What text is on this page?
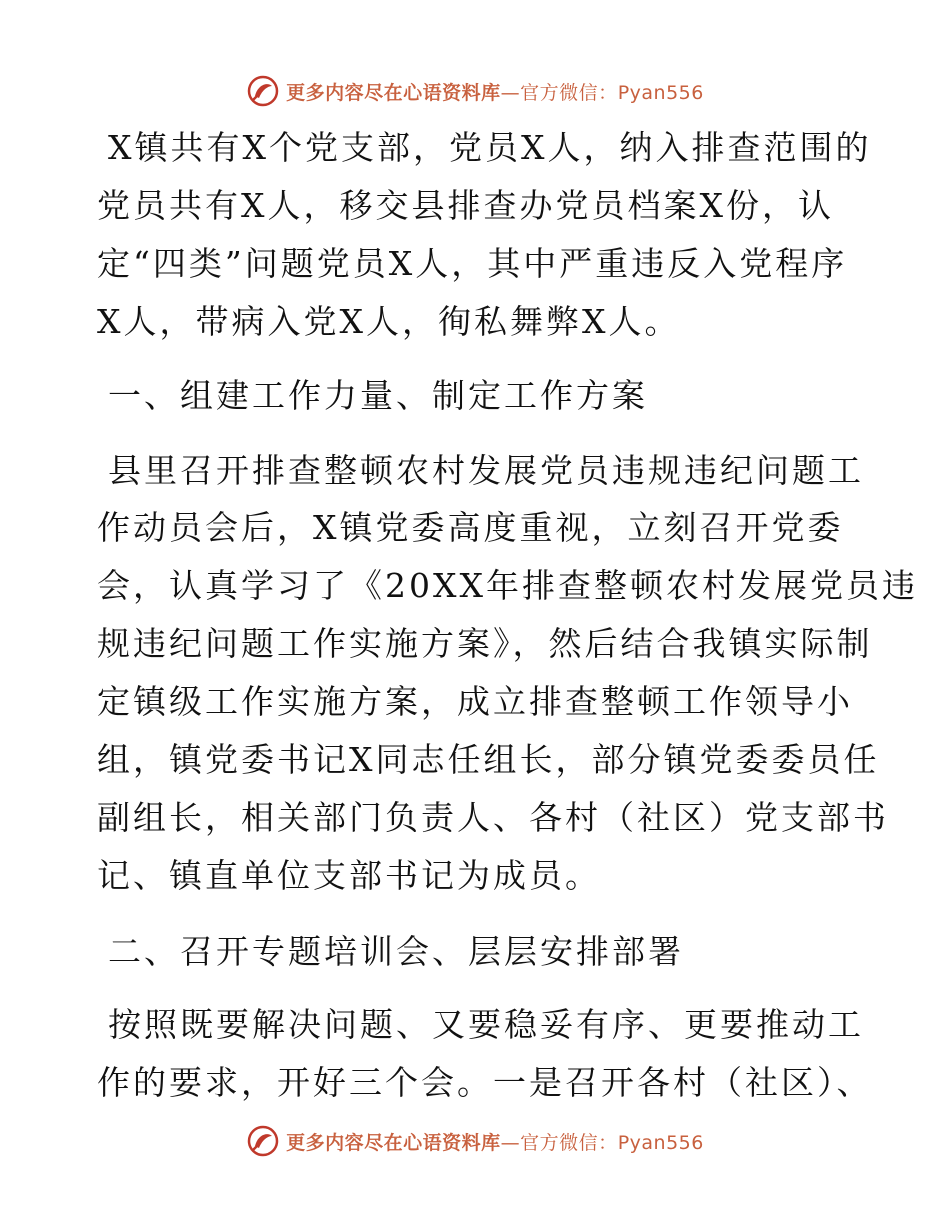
更多内容尽在心语资料库—官方微信：Pyan556
X镇共有X个党支部，党员X人，纳入排查范围的
党员共有X人，移交县排查办党员档案X份，认
定“四类”问题党员X人，其中严重违反入党程序
X人，带病入党X人，徇私舞弊X人。
一、组建工作力量、制定工作方案
县里召开排查整顿农村发展党员违规违纪问题工
作动员会后，X镇党委高度重视，立刻召开党委
会，认真学习了《20XX年排查整顿农村发展党员违
规违纪问题工作实施方案》，然后结合我镇实际制
定镇级工作实施方案，成立排查整顿工作领导小
组，镇党委书记X同志任组长，部分镇党委委员任
副组长，相关部门负责人、各村（社区）党支部书
记、镇直单位支部书记为成员。
二、召开专题培训会、层层安排部署
按照既要解决问题、又要稳妥有序、更要推动工
作的要求，开好三个会。一是召开各村（社区）、
更多内容尽在心语资料库—官方微信：Pyan556
